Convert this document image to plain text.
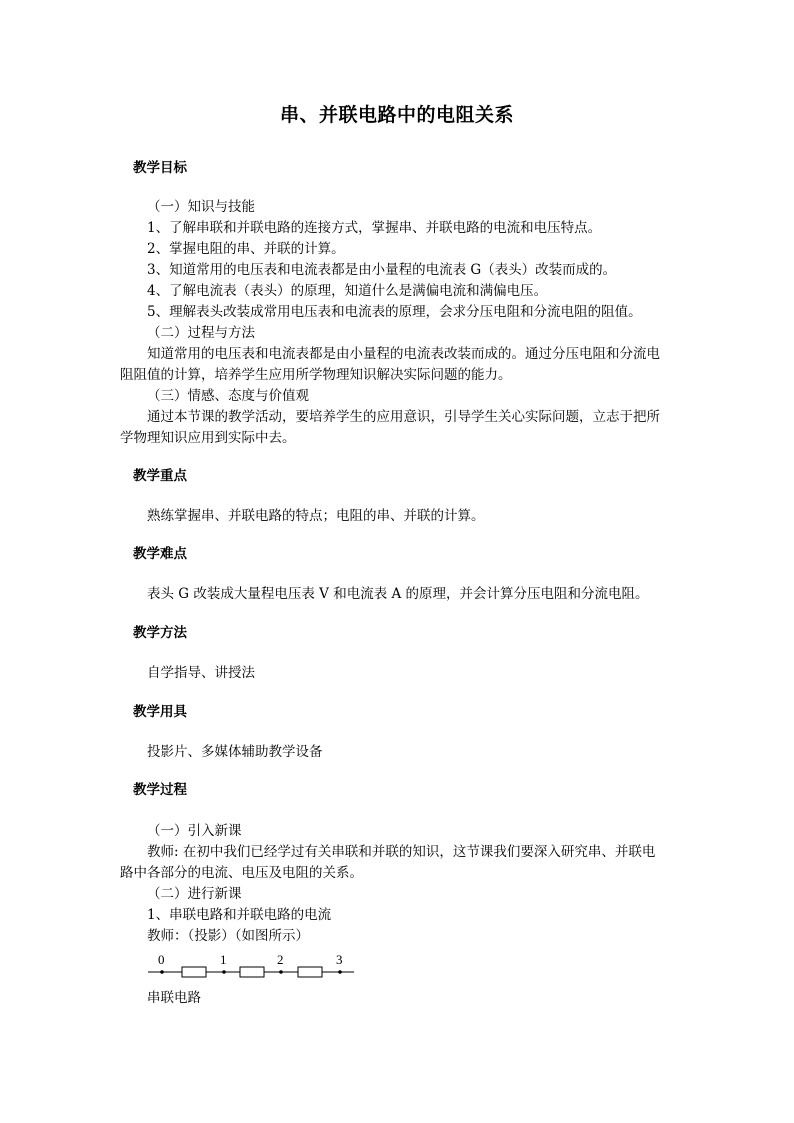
串、并联电路中的电阻关系

教学目标

（一）知识与技能

1、了解串联和并联电路的连接方式，掌握串、并联电路的电流和电压特点。

2、掌握电阻的串、并联的计算。

3、知道常用的电压表和电流表都是由小量程的电流表 G（表头）改装而成的。

4、了解电流表（表头）的原理，知道什么是满偏电流和满偏电压。

5、理解表头改装成常用电压表和电流表的原理，会求分压电阻和分流电阻的阻值。

（二）过程与方法

知道常用的电压表和电流表都是由小量程的电流表改装而成的。通过分压电阻和分流电

阻阻值的计算，培养学生应用所学物理知识解决实际问题的能力。

（三）情感、态度与价值观

通过本节课的教学活动，要培养学生的应用意识，引导学生关心实际问题，立志于把所

学物理知识应用到实际中去。

教学重点

熟练掌握串、并联电路的特点；电阻的串、并联的计算。

教学难点

表头 G 改装成大量程电压表 V 和电流表 A 的原理，并会计算分压电阻和分流电阻。

教学方法

自学指导、讲授法

教学用具

投影片、多媒体辅助教学设备

教学过程

（一）引入新课

教师: 在初中我们已经学过有关串联和并联的知识，这节课我们要深入研究串、并联电

路中各部分的电流、电压及电阻的关系。

（二）进行新课

1、串联电路和并联电路的电流

教师：（投影）（如图所示）

0	1	2	3

串联电路
